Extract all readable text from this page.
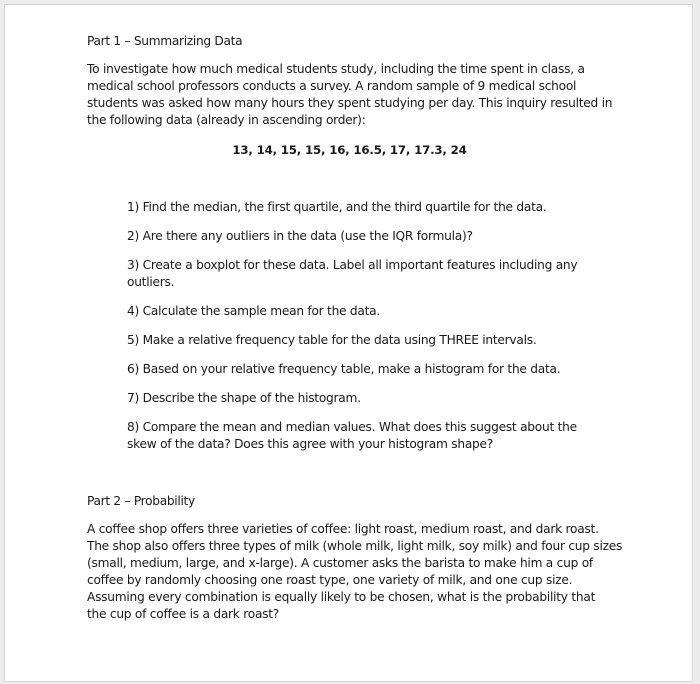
Part 1 – Summarizing Data

To investigate how much medical students study, including the time spent in class, a
medical school professors conducts a survey. A random sample of 9 medical school
students was asked how many hours they spent studying per day. This inquiry resulted in
the following data (already in ascending order):

13, 14, 15, 15, 16, 16.5, 17, 17.3, 24

1) Find the median, the first quartile, and the third quartile for the data.

2) Are there any outliers in the data (use the IQR formula)?

3) Create a boxplot for these data. Label all important features including any
outliers.

4) Calculate the sample mean for the data.

5) Make a relative frequency table for the data using THREE intervals.

6) Based on your relative frequency table, make a histogram for the data.

7) Describe the shape of the histogram.

8) Compare the mean and median values. What does this suggest about the
skew of the data? Does this agree with your histogram shape?

Part 2 – Probability

A coffee shop offers three varieties of coffee: light roast, medium roast, and dark roast.
The shop also offers three types of milk (whole milk, light milk, soy milk) and four cup sizes
(small, medium, large, and x-large). A customer asks the barista to make him a cup of
coffee by randomly choosing one roast type, one variety of milk, and one cup size.
Assuming every combination is equally likely to be chosen, what is the probability that
the cup of coffee is a dark roast?
